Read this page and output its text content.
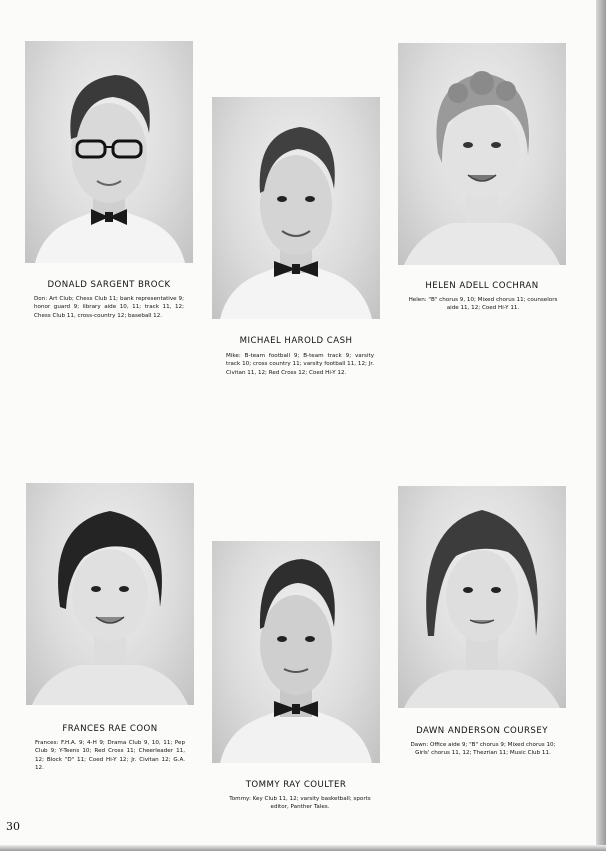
DONALD SARGENT BROCK
Don: Art Club; Chess Club 11; bank representative 9; honor guard 9; library aide 10, 11; track 11, 12; Chess Club 11, cross-country 12; baseball 12.
MICHAEL HAROLD CASH
Mike: B-team football 9; B-team track 9; varsity track 10; cross country 11; varsity football 11, 12; Jr. Civitan 11, 12; Red Cross 12; Coed Hi-Y 12.
HELEN ADELL COCHRAN
Helen: "B" chorus 9, 10; Mixed chorus 11; counselors aide 11, 12; Coed Hi-Y 11.
FRANCES RAE COON
Frances: F.H.A. 9; 4-H 9; Drama Club 9, 10, 11; Pep Club 9; Y-Teens 10; Red Cross 11; Cheerleader 11, 12; Block "D" 11; Coed Hi-Y 12; Jr. Civitan 12; G.A. 12.
TOMMY RAY COULTER
Tommy: Key Club 11, 12; varsity basketball; sports editor, Panther Tales.
DAWN ANDERSON COURSEY
Dawn: Office aide 9; "B" chorus 9; Mixed chorus 10; Girls' chorus 11, 12; Thezrian 11; Music Club 11.
30
